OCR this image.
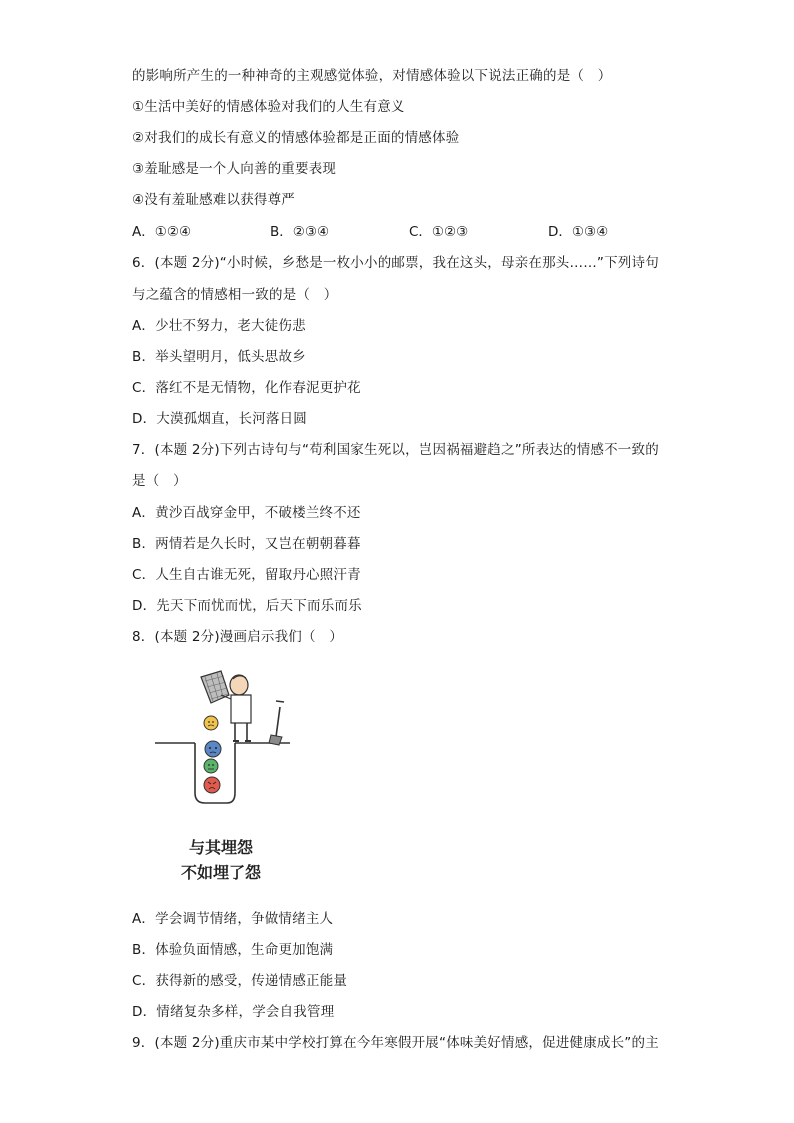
的影响所产生的一种神奇的主观感觉体验，对情感体验以下说法正确的是（　）
①生活中美好的情感体验对我们的人生有意义
②对我们的成长有意义的情感体验都是正面的情感体验
③羞耻感是一个人向善的重要表现
④没有羞耻感难以获得尊严
A．①②④	B．②③④	C．①②③	D．①③④
6．(本题 2分)“小时候，乡愁是一枚小小的邮票，我在这头，母亲在那头……”下列诗句
与之蕴含的情感相一致的是（　）
A．少壮不努力，老大徒伤悲
B．举头望明月，低头思故乡
C．落红不是无情物，化作春泥更护花
D．大漠孤烟直，长河落日圆
7．(本题 2分)下列古诗句与“苟利国家生死以，岂因祸福避趋之”所表达的情感不一致的
是（　）
A．黄沙百战穿金甲，不破楼兰终不还
B．两情若是久长时，又岂在朝朝暮暮
C．人生自古谁无死，留取丹心照汗青
D．先天下而忧而忧，后天下而乐而乐
8．(本题 2分)漫画启示我们（　）
与其埋怨
不如埋了怨
A．学会调节情绪，争做情绪主人
B．体验负面情感，生命更加饱满
C．获得新的感受，传递情感正能量
D．情绪复杂多样，学会自我管理
9．(本题 2分)重庆市某中学校打算在今年寒假开展“体味美好情感，促进健康成长”的主
